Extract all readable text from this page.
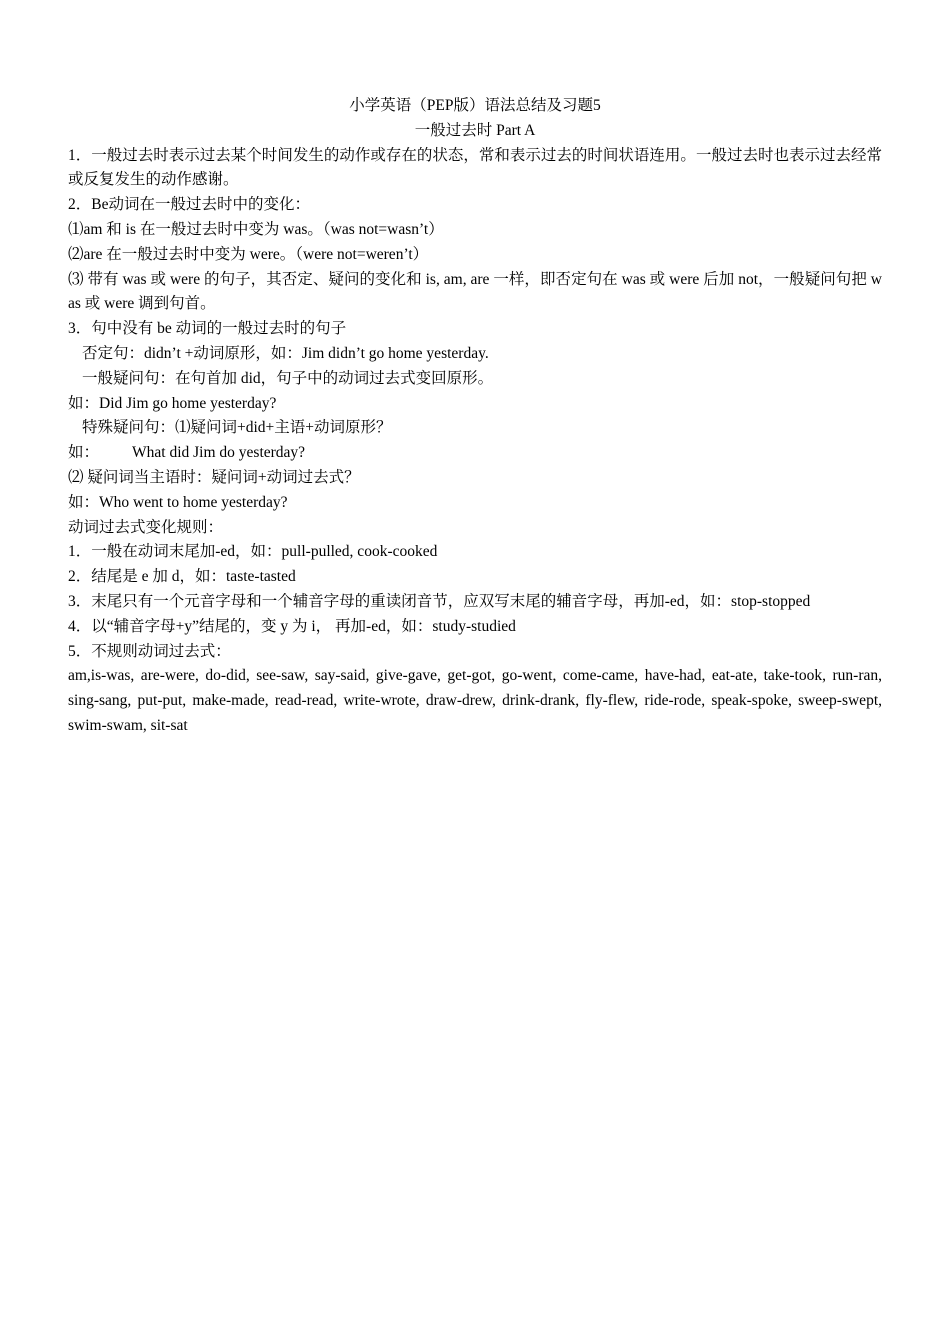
小学英语（PEP版）语法总结及习题5
一般过去时 Part A
1．一般过去时表示过去某个时间发生的动作或存在的状态，常和表示过去的时间状语连用。一般过去时也表示过去经常或反复发生的动作感谢。
2．Be动词在一般过去时中的变化：
⑴am 和 is 在一般过去时中变为 was。（was not=wasn’t）
⑵are 在一般过去时中变为 were。（were not=weren’t）
⑶ 带有 was 或 were 的句子，其否定、疑问的变化和 is, am, are 一样，即否定句在 was 或 were 后加 not，一般疑问句把 was 或 were 调到句首。
3．句中没有 be 动词的一般过去时的句子
否定句：didn’t +动词原形，如：Jim didn’t go home yesterday.
一般疑问句：在句首加 did，句子中的动词过去式变回原形。
如：Did Jim go home yesterday?
特殊疑问句：⑴疑问词+did+主语+动词原形？
如： What did Jim do yesterday?
⑵ 疑问词当主语时：疑问词+动词过去式？
如：Who went to home yesterday?
动词过去式变化规则：
1．一般在动词末尾加-ed，如：pull-pulled, cook-cooked
2．结尾是 e 加 d，如：taste-tasted
3．末尾只有一个元音字母和一个辅音字母的重读闭音节，应双写末尾的辅音字母，再加-ed，如：stop-stopped
4．以“辅音字母+y”结尾的，变 y 为 i， 再加-ed，如：study-studied
5．不规则动词过去式：
am,is-was, are-were, do-did, see-saw, say-said, give-gave, get-got, go-went, come-came, have-had, eat-ate, take-took, run-ran, sing-sang, put-put, make-made, read-read, write-wrote, draw-drew, drink-drank, fly-flew, ride-rode, speak-spoke, sweep-swept, swim-swam, sit-sat
